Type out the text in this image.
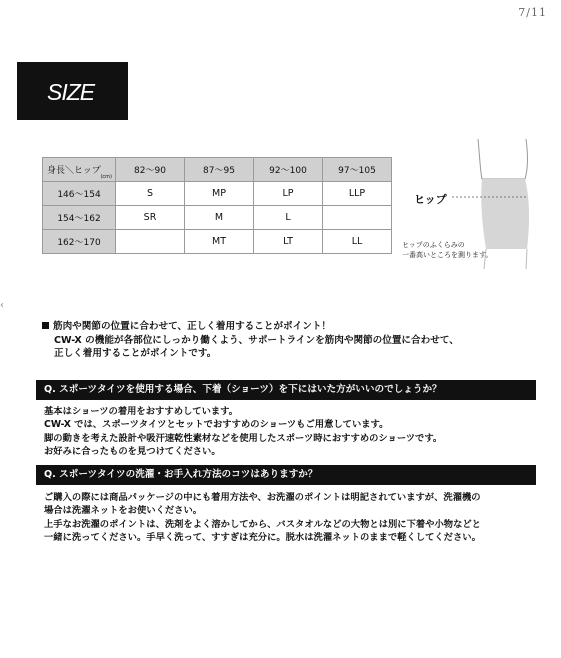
7/11
SIZE
身長＼ヒップ
(cm)	82〜90	87〜95	92〜100	97〜105
146〜154	S	MP	LP	LLP
154〜162	SR	M	L	
162〜170		MT	LT	LL
ヒップ
ヒップのふくらみの
一番高いところを測ります。
‹
筋肉や関節の位置に合わせて、正しく着用することがポイント！
CW-X の機能が各部位にしっかり働くよう、サポートラインを筋肉や関節の位置に合わせて、
正しく着用することがポイントです。
Q. スポーツタイツを使用する場合、下着（ショーツ）を下にはいた方がいいのでしょうか？
基本はショーツの着用をおすすめしています。
CW-X では、スポーツタイツとセットでおすすめのショーツもご用意しています。
脚の動きを考えた設計や吸汗速乾性素材などを使用したスポーツ時におすすめのショーツです。
お好みに合ったものを見つけてください。
Q. スポーツタイツの洗濯・お手入れ方法のコツはありますか？
ご購入の際には商品パッケージの中にも着用方法や、お洗濯のポイントは明記されていますが、洗濯機の
場合は洗濯ネットをお使いください。
上手なお洗濯のポイントは、洗剤をよく溶かしてから、バスタオルなどの大物とは別に下着や小物などと
一緒に洗ってください。手早く洗って、すすぎは充分に。脱水は洗濯ネットのままで軽くしてください。
